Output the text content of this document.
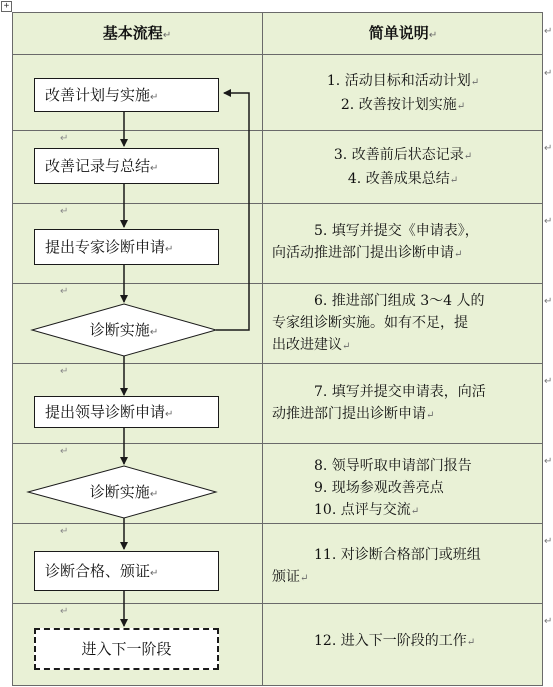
+
基本流程↵	简单说明↵	↵
↵
↵
↵
↵
↵
↵
↵
↵
↵
↵
↵
↵
↵
↵
↵
改善计划与实施↵
改善记录与总结↵
提出专家诊断申请↵
诊断实施↵
提出领导诊断申请↵
诊断实施↵
诊断合格、颁证↵
进入下一阶段

1. 活动目标和活动计划↵

2. 改善按计划实施↵

3. 改善前后状态记录↵

4. 改善成果总结↵

5. 填写并提交《申请表》，

向活动推进部门提出诊断申请↵

6. 推进部门组成 3～4 人的

专家组诊断实施。如有不足，提

出改进建议↵

7. 填写并提交申请表，向活

动推进部门提出诊断申请↵

8. 领导听取申请部门报告

9. 现场参观改善亮点

10. 点评与交流↵

11. 对诊断合格部门或班组

颁证↵

12. 进入下一阶段的工作↵
